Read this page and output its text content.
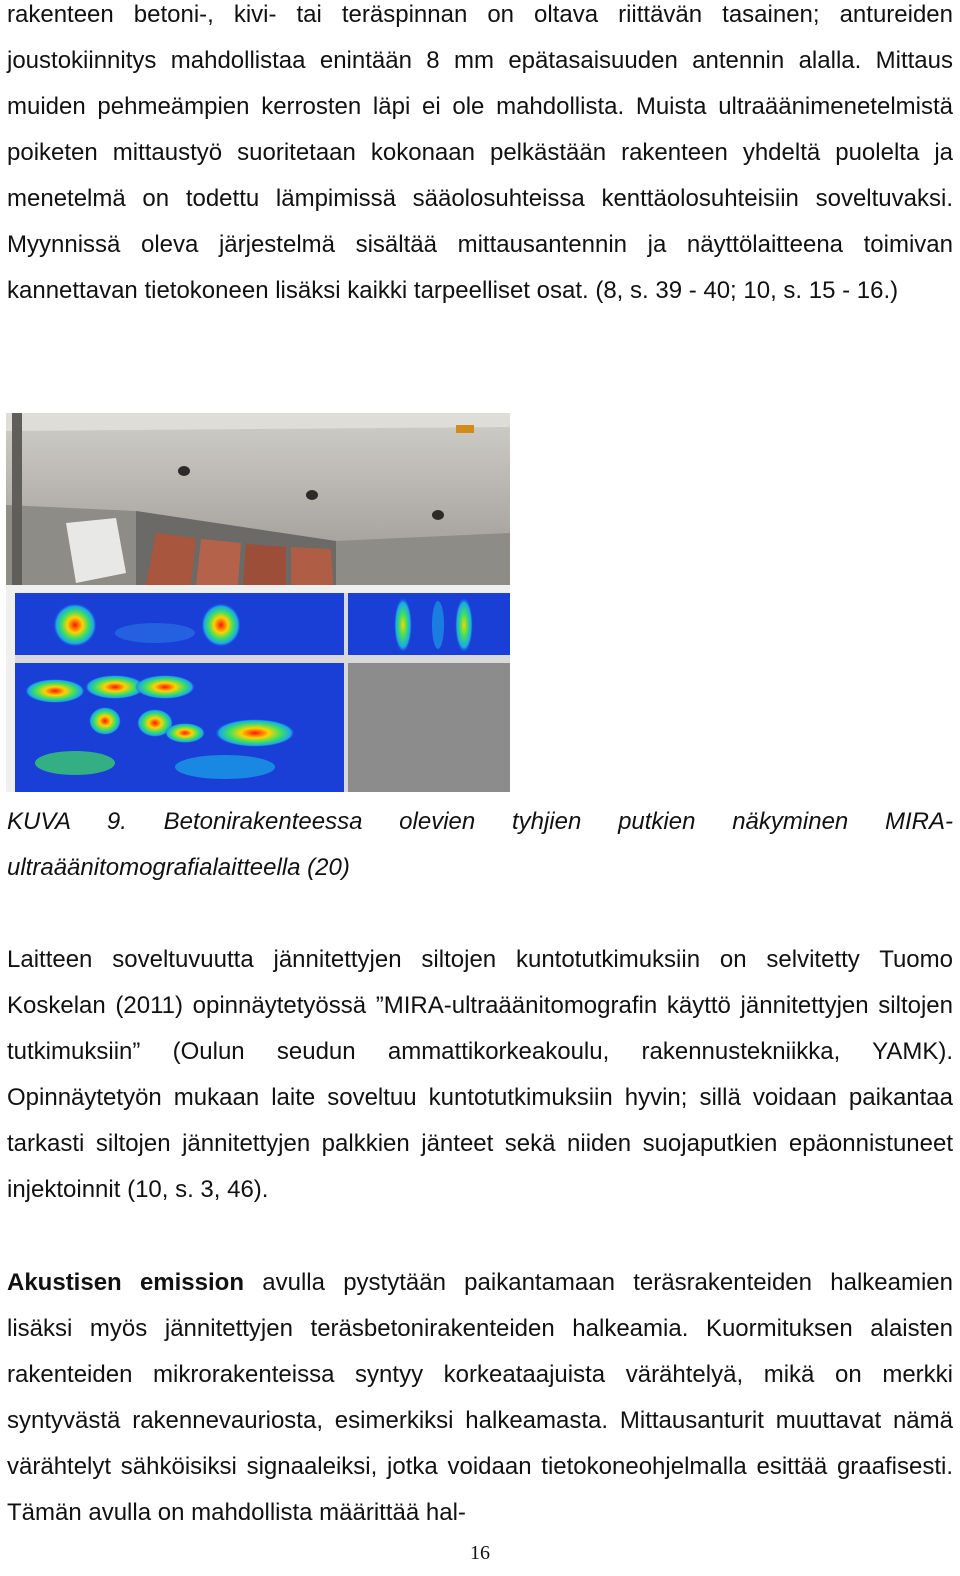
rakenteen betoni-, kivi- tai teräspinnan on oltava riittävän tasainen; antureiden joustokiinnitys mahdollistaa enintään 8 mm epätasaisuuden antennin alalla. Mittaus muiden pehmeämpien kerrosten läpi ei ole mahdollista. Muista ultraäänimenetelmistä poiketen mittaustyö suoritetaan kokonaan pelkästään rakenteen yhdeltä puolelta ja menetelmä on todettu lämpimissä sääolosuhteissa kenttäolosuhteisiin soveltuvaksi. Myynnissä oleva järjestelmä sisältää mittausantennin ja näyttölaitteena toimivan kannettavan tietokoneen lisäksi kaikki tarpeelliset osat. (8, s. 39 - 40; 10, s. 15 - 16.)

KUVA 9. Betonirakenteessa olevien tyhjien putkien näkyminen MIRA-ultraäänitomografialaitteella (20)

Laitteen soveltuvuutta jännitettyjen siltojen kuntotutkimuksiin on selvitetty Tuomo Koskelan (2011) opinnäytetyössä ”MIRA-ultraäänitomografin käyttö jännitettyjen siltojen tutkimuksiin” (Oulun seudun ammattikorkeakoulu, rakennustekniikka, YAMK). Opinnäytetyön mukaan laite soveltuu kuntotutkimuksiin hyvin; sillä voidaan paikantaa tarkasti siltojen jännitettyjen palkkien jänteet sekä niiden suojaputkien epäonnistuneet injektoinnit (10, s. 3, 46).

Akustisen emission avulla pystytään paikantamaan teräsrakenteiden halkeamien lisäksi myös jännitettyjen teräsbetonirakenteiden halkeamia. Kuormituksen alaisten rakenteiden mikrorakenteissa syntyy korkeataajuista värähtelyä, mikä on merkki syntyvästä rakennevauriosta, esimerkiksi halkeamasta. Mittausanturit muuttavat nämä värähtelyt sähköisiksi signaaleiksi, jotka voidaan tietokoneohjelmalla esittää graafisesti. Tämän avulla on mahdollista määrittää hal-

16
